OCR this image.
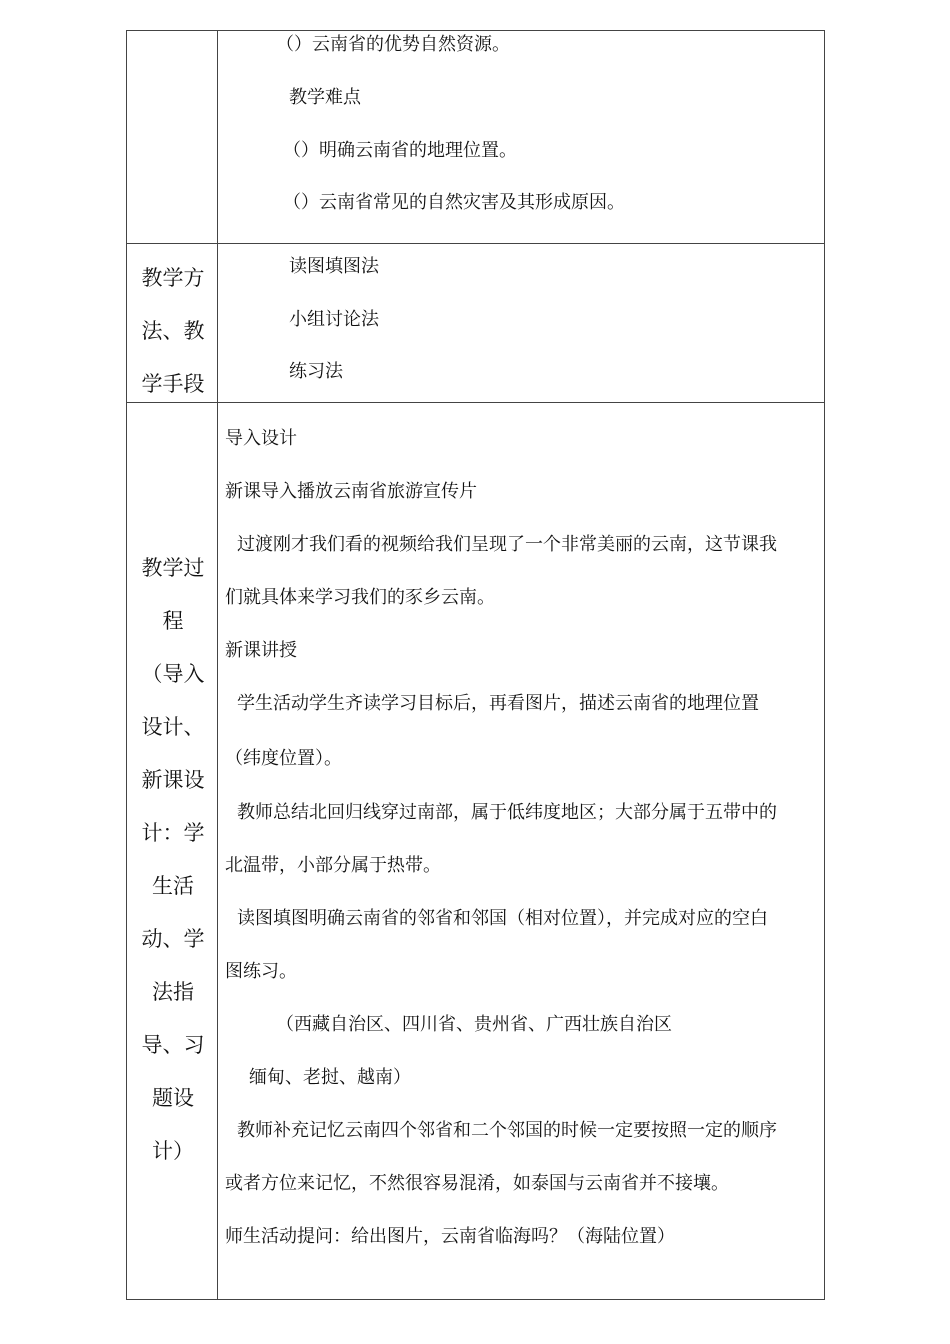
（）云南省的优势自然资源。
教学难点
（）明确云南省的地理位置。
（）云南省常见的自然灾害及其形成原因。
教学方
法、教
学手段
读图填图法
小组讨论法
练习法
教学过
程
（导入
设计、
新课设
计：学
生活
动、学
法指
导、习
题设
计）
导入设计
新课导入播放云南省旅游宣传片
过渡刚才我们看的视频给我们呈现了一个非常美丽的云南，这节课我
们就具体来学习我们的豕乡云南。
新课讲授
学生活动学生齐读学习目标后，再看图片，描述云南省的地理位置
（纬度位置）。
教师总结北回归线穿过南部，属于低纬度地区；大部分属于五带中的
北温带，小部分属于热带。
读图填图明确云南省的邻省和邻国（相对位置），并完成对应的空白
图练习。
（西藏自治区、四川省、贵州省、广西壮族自治区
缅甸、老挝、越南）
教师补充记忆云南四个邻省和二个邻国的时候一定要按照一定的顺序
或者方位来记忆，不然很容易混淆，如泰国与云南省并不接壤。
师生活动提问：给出图片，云南省临海吗？（海陆位置）
